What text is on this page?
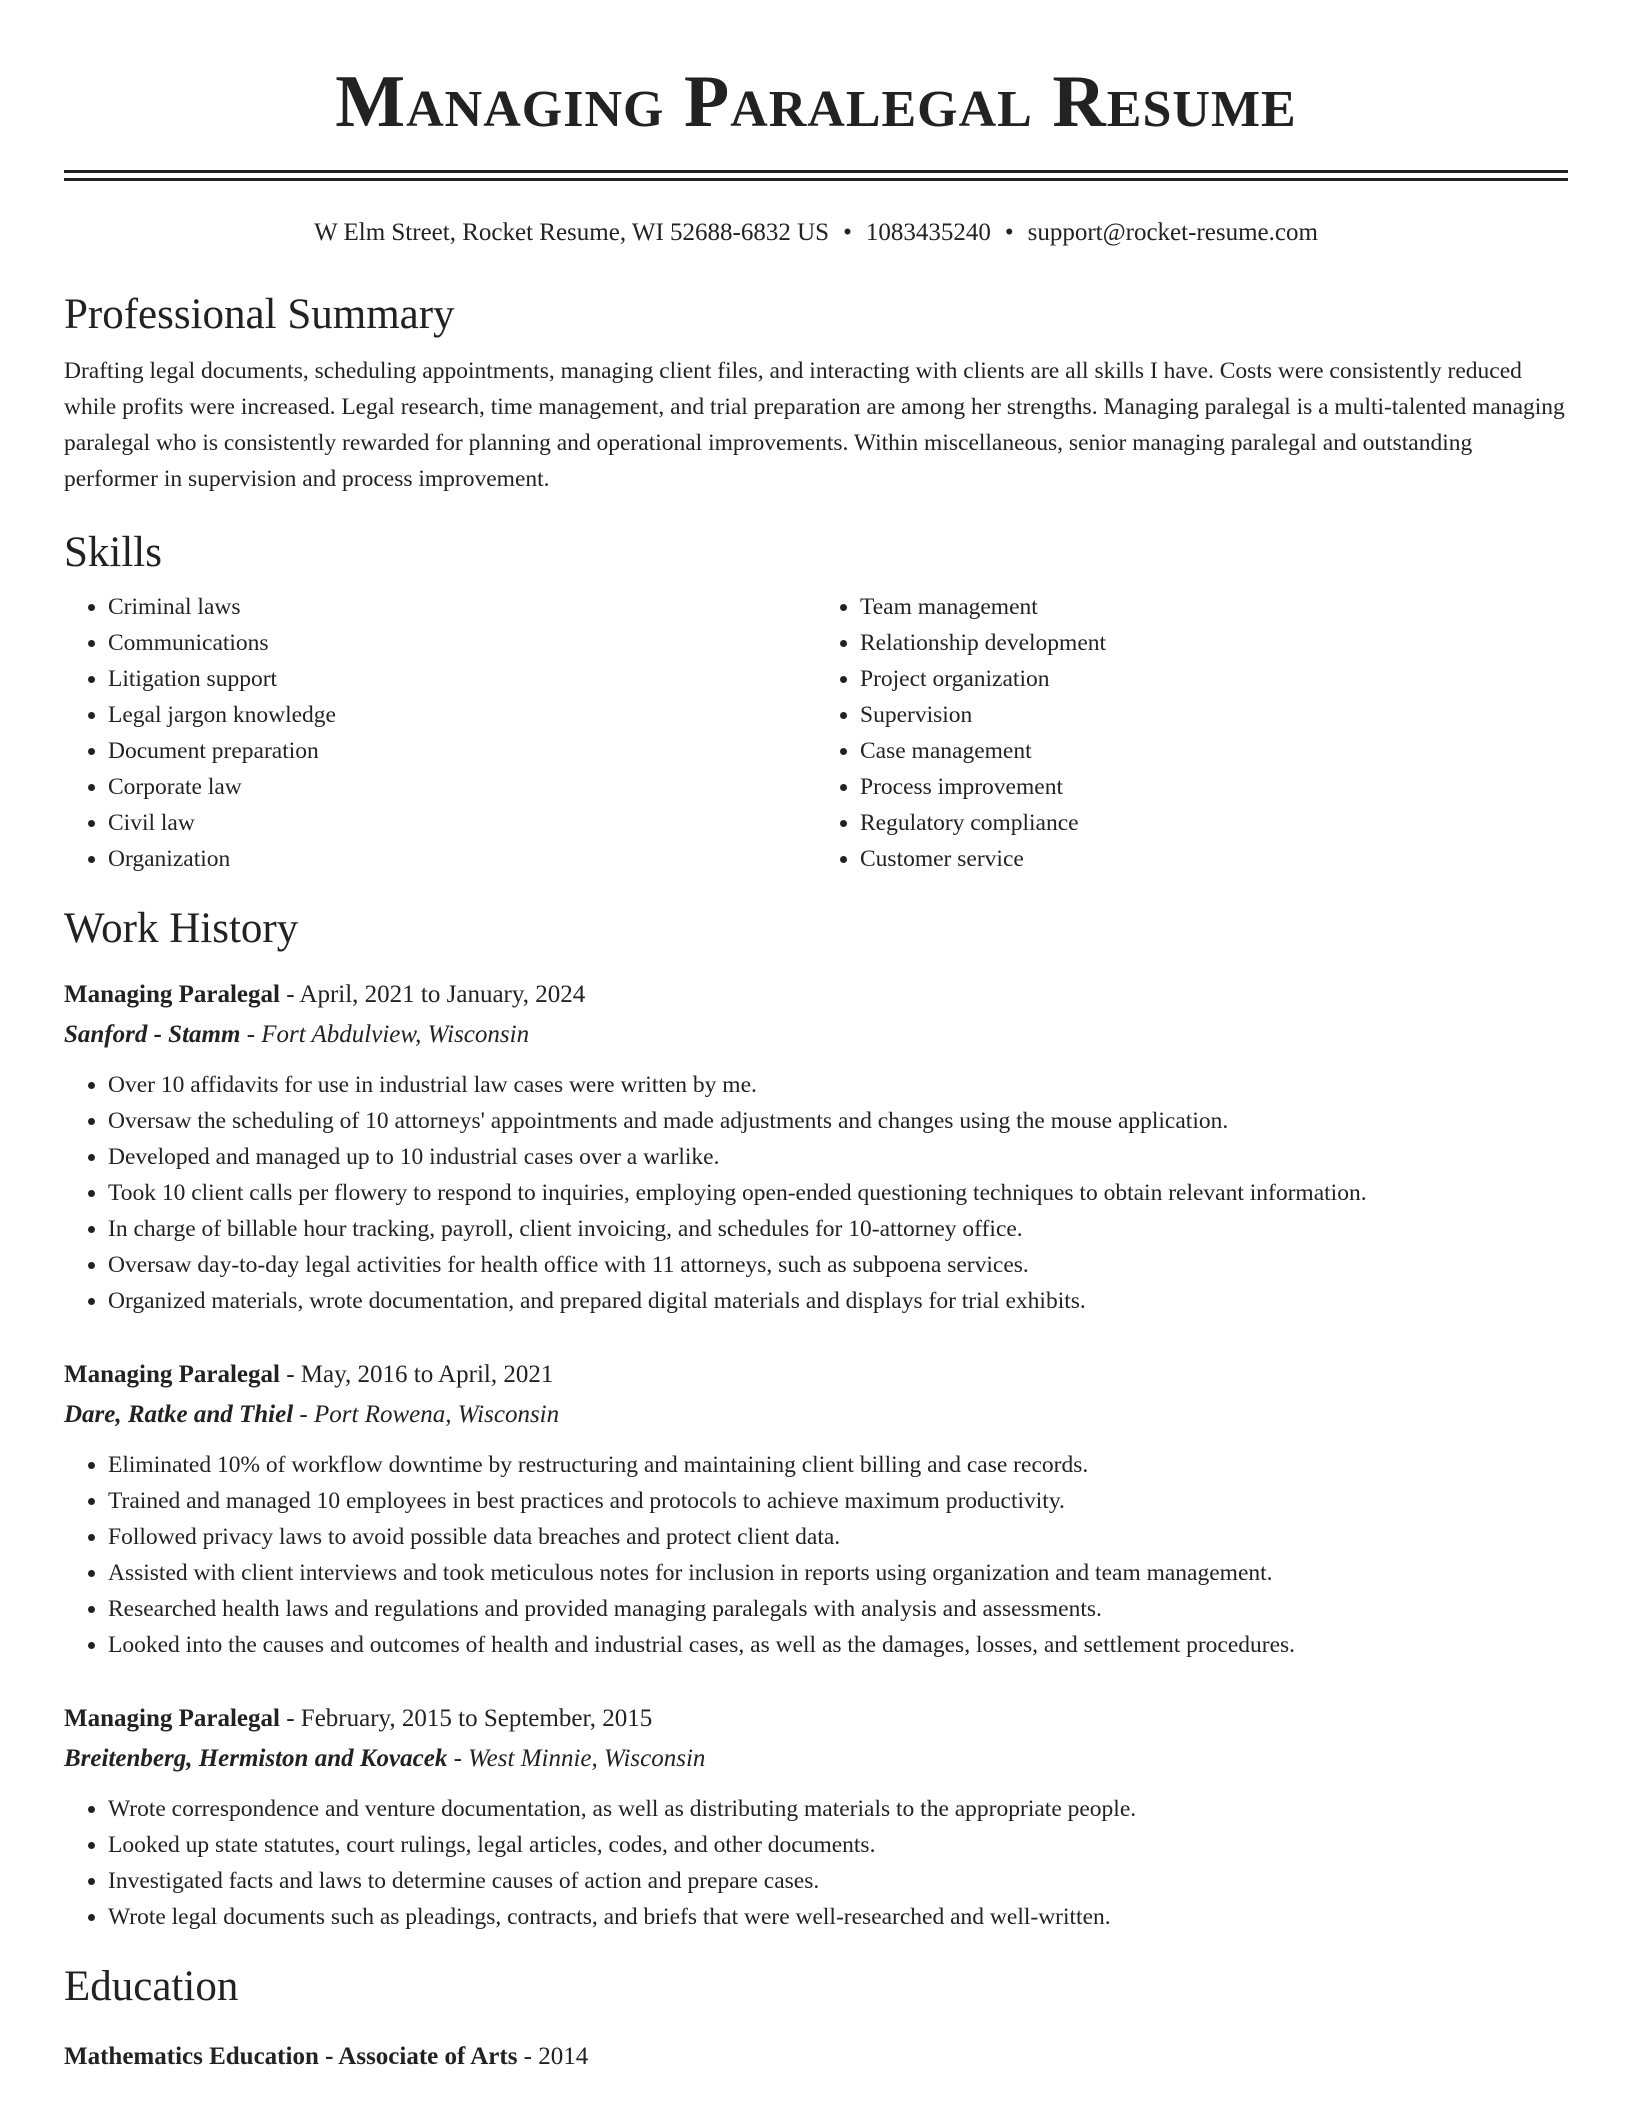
Managing Paralegal Resume
W Elm Street, Rocket Resume, WI 52688-6832 US • 1083435240 • support@rocket-resume.com
Professional Summary

Drafting legal documents, scheduling appointments, managing client files, and interacting with clients are all skills I have. Costs were consistently reduced while profits were increased. Legal research, time management, and trial preparation are among her strengths. Managing paralegal is a multi-talented managing paralegal who is consistently rewarded for planning and operational improvements. Within miscellaneous, senior managing paralegal and outstanding performer in supervision and process improvement.

Skills
• Criminal laws
• Communications
• Litigation support
• Legal jargon knowledge
• Document preparation
• Corporate law
• Civil law
• Organization
• Team management
• Relationship development
• Project organization
• Supervision
• Case management
• Process improvement
• Regulatory compliance
• Customer service
Work History
Managing Paralegal - April, 2021 to January, 2024
Sanford - Stamm - Fort Abdulview, Wisconsin
• Over 10 affidavits for use in industrial law cases were written by me.
• Oversaw the scheduling of 10 attorneys' appointments and made adjustments and changes using the mouse application.
• Developed and managed up to 10 industrial cases over a warlike.
• Took 10 client calls per flowery to respond to inquiries, employing open-ended questioning techniques to obtain relevant information.
• In charge of billable hour tracking, payroll, client invoicing, and schedules for 10-attorney office.
• Oversaw day-to-day legal activities for health office with 11 attorneys, such as subpoena services.
• Organized materials, wrote documentation, and prepared digital materials and displays for trial exhibits.
Managing Paralegal - May, 2016 to April, 2021
Dare, Ratke and Thiel - Port Rowena, Wisconsin
• Eliminated 10% of workflow downtime by restructuring and maintaining client billing and case records.
• Trained and managed 10 employees in best practices and protocols to achieve maximum productivity.
• Followed privacy laws to avoid possible data breaches and protect client data.
• Assisted with client interviews and took meticulous notes for inclusion in reports using organization and team management.
• Researched health laws and regulations and provided managing paralegals with analysis and assessments.
• Looked into the causes and outcomes of health and industrial cases, as well as the damages, losses, and settlement procedures.
Managing Paralegal - February, 2015 to September, 2015
Breitenberg, Hermiston and Kovacek - West Minnie, Wisconsin
• Wrote correspondence and venture documentation, as well as distributing materials to the appropriate people.
• Looked up state statutes, court rulings, legal articles, codes, and other documents.
• Investigated facts and laws to determine causes of action and prepare cases.
• Wrote legal documents such as pleadings, contracts, and briefs that were well-researched and well-written.
Education
Mathematics Education - Associate of Arts - 2014
